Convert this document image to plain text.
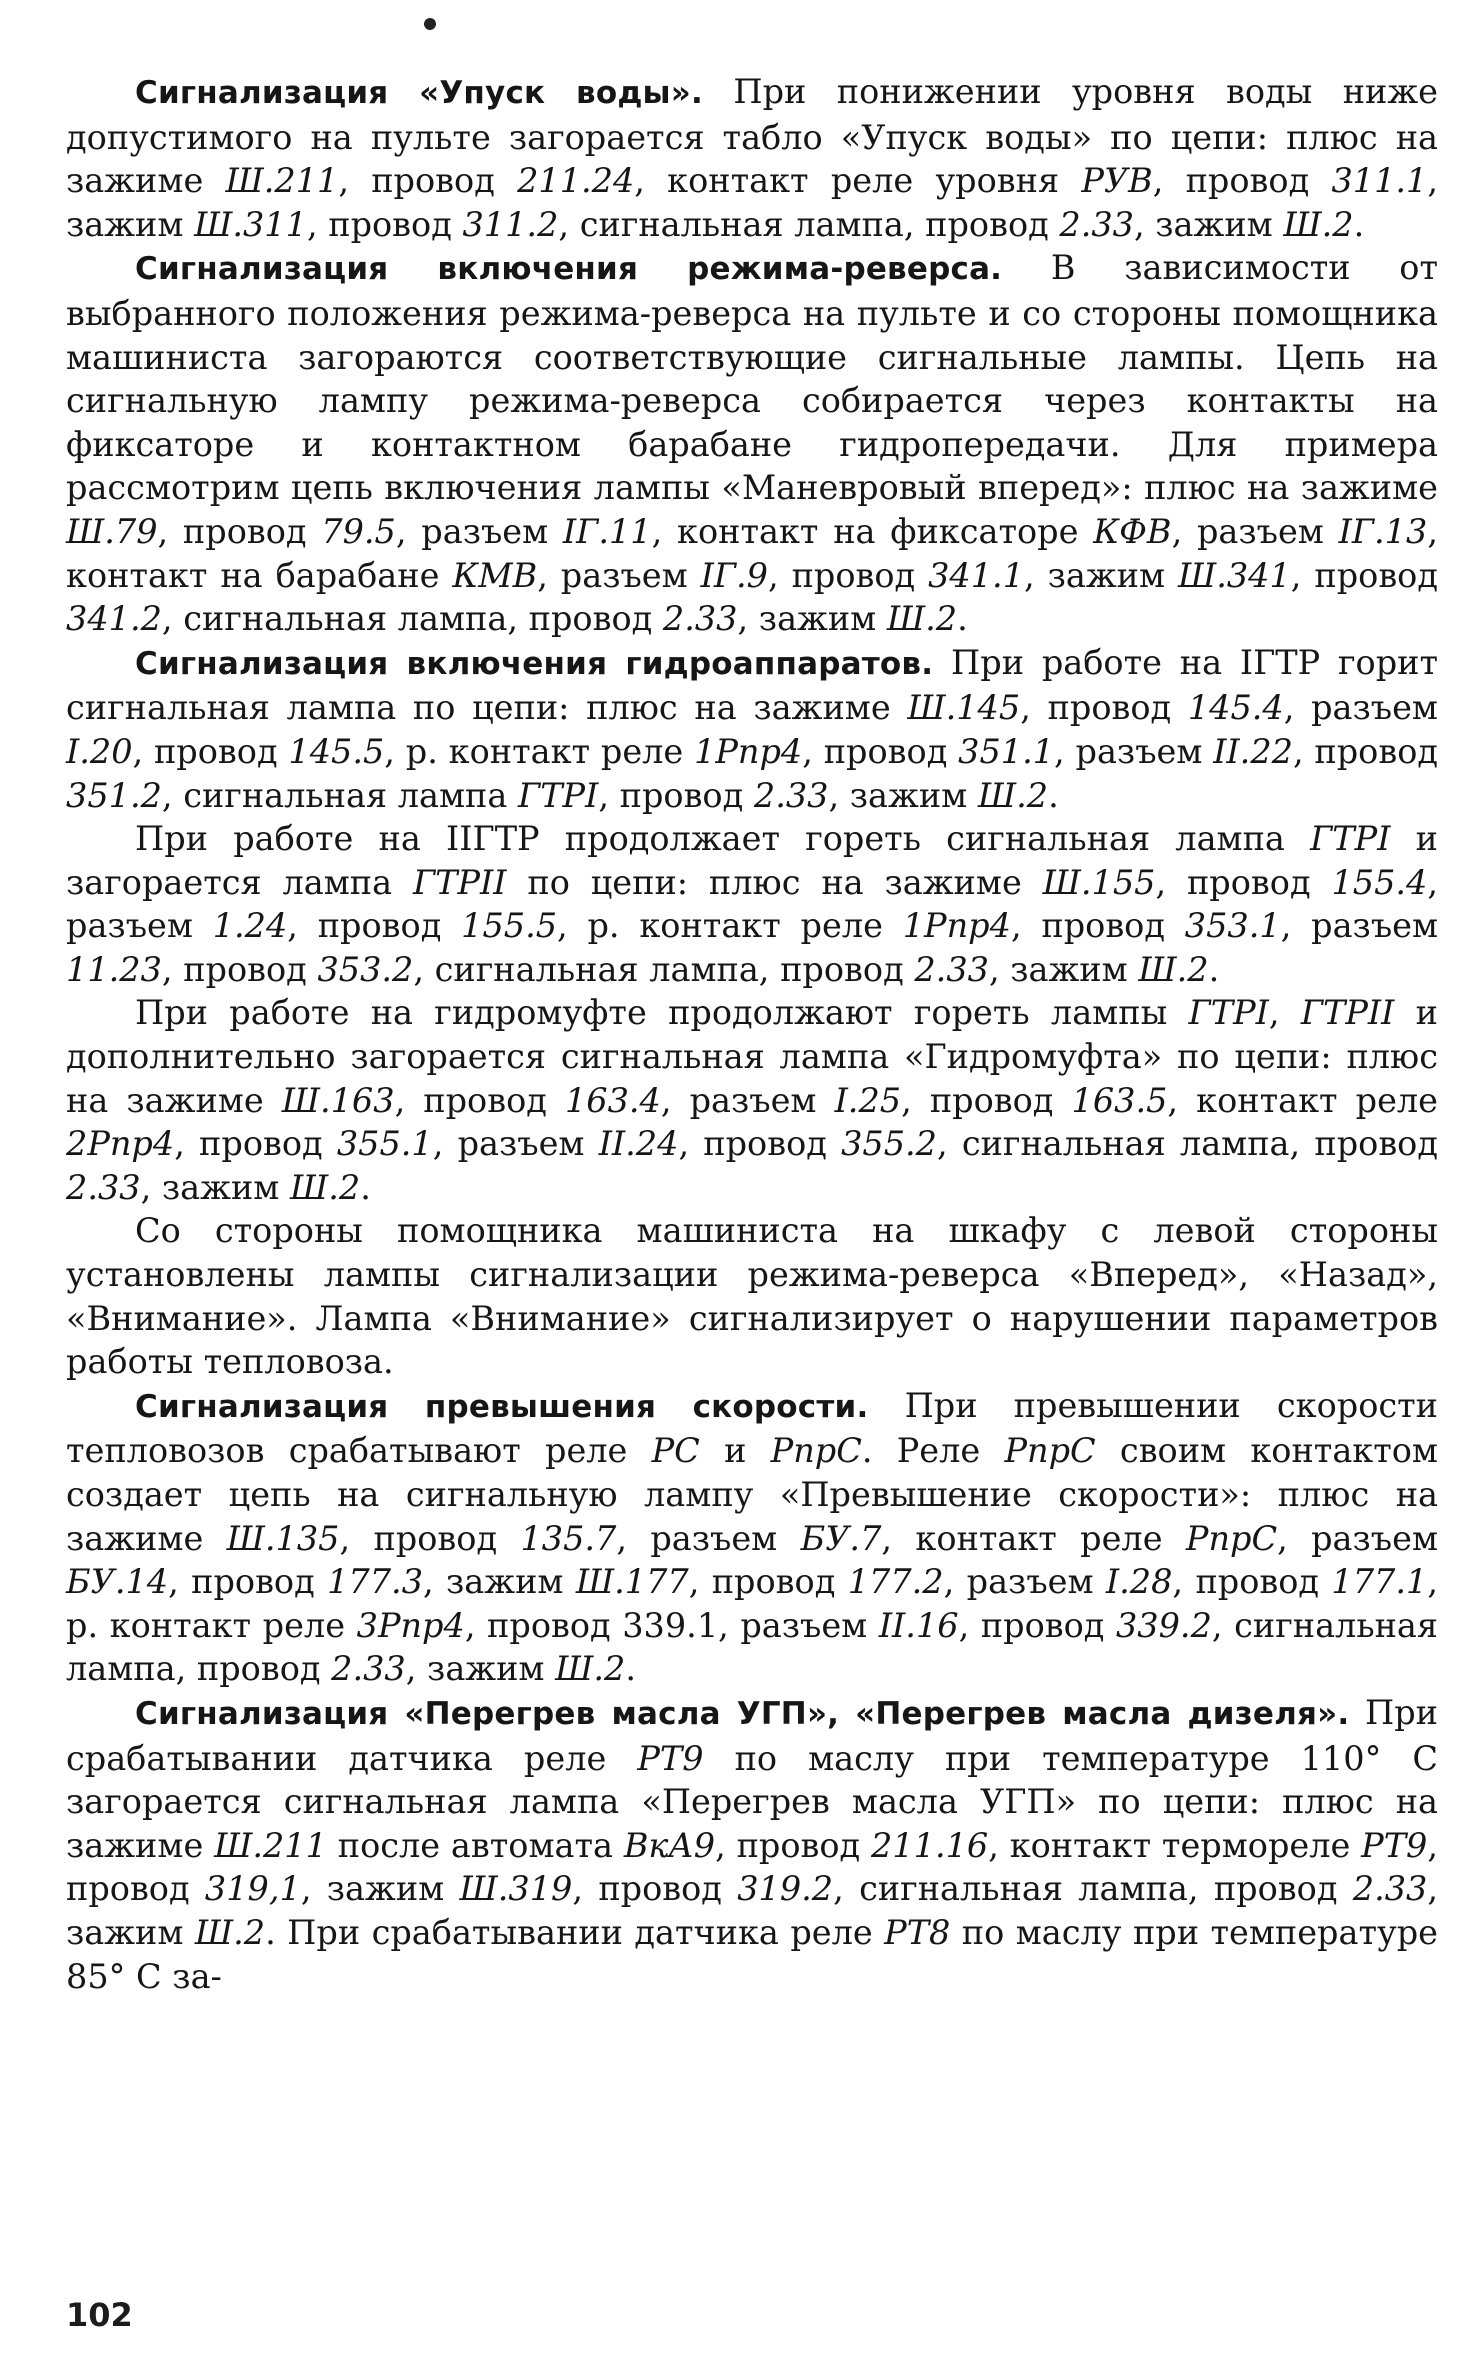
Сигнализация «Упуск воды». При понижении уровня воды ниже допустимого на пульте загорается табло «Упуск воды» по цепи: плюс на зажиме Ш.211, провод 211.24, контакт реле уровня РУВ, провод 311.1, зажим Ш.311, провод 311.2, сигнальная лампа, провод 2.33, зажим Ш.2.

Сигнализация включения режима-реверса. В зависимости от выбранного положения режима-реверса на пульте и со стороны помощника машиниста загораются соответствующие сигнальные лампы. Цепь на сигнальную лампу режима-реверса собирается через контакты на фиксаторе и контактном барабане гидропередачи. Для примера рассмотрим цепь включения лампы «Маневровый вперед»: плюс на зажиме Ш.79, провод 79.5, разъем IГ.11, контакт на фиксаторе КФВ, разъем IГ.13, контакт на барабане КМВ, разъем IГ.9, провод 341.1, зажим Ш.341, провод 341.2, сигнальная лампа, провод 2.33, зажим Ш.2.

Сигнализация включения гидроаппаратов. При работе на IГТР горит сигнальная лампа по цепи: плюс на зажиме Ш.145, провод 145.4, разъем I.20, провод 145.5, р. контакт реле 1Рпр4, провод 351.1, разъем II.22, провод 351.2, сигнальная лампа ГТРI, провод 2.33, зажим Ш.2.

При работе на IIГТР продолжает гореть сигнальная лампа ГТРI и загорается лампа ГТРII по цепи: плюс на зажиме Ш.155, провод 155.4, разъем 1.24, провод 155.5, р. контакт реле 1Рпр4, провод 353.1, разъем 11.23, провод 353.2, сигнальная лампа, провод 2.33, зажим Ш.2.

При работе на гидромуфте продолжают гореть лампы ГТРI, ГТРII и дополнительно загорается сигнальная лампа «Гидромуфта» по цепи: плюс на зажиме Ш.163, провод 163.4, разъем I.25, провод 163.5, контакт реле 2Рпр4, провод 355.1, разъем II.24, провод 355.2, сигнальная лампа, провод 2.33, зажим Ш.2.

Со стороны помощника машиниста на шкафу с левой стороны установлены лампы сигнализации режима-реверса «Вперед», «Назад», «Внимание». Лампа «Внимание» сигнализирует о нарушении параметров работы тепловоза.

Сигнализация превышения скорости. При превышении скорости тепловозов срабатывают реле PC и РпрС. Реле РпрС своим контактом создает цепь на сигнальную лампу «Превышение скорости»: плюс на зажиме Ш.135, провод 135.7, разъем БУ.7, контакт реле РпрС, разъем БУ.14, провод 177.3, зажим Ш.177, провод 177.2, разъем I.28, провод 177.1, р. контакт реле 3Рпр4, провод 339.1, разъем II.16, провод 339.2, сигнальная лампа, провод 2.33, зажим Ш.2.

Сигнализация «Перегрев масла УГП», «Перегрев масла дизеля». При срабатывании датчика реле РТ9 по маслу при температуре 110° С загорается сигнальная лампа «Перегрев масла УГП» по цепи: плюс на зажиме Ш.211 после автомата ВкА9, провод 211.16, контакт термореле РТ9, провод 319,1, зажим Ш.319, провод 319.2, сигнальная лампа, провод 2.33, зажим Ш.2. При срабатывании датчика реле РТ8 по маслу при температуре 85° С за-

102
